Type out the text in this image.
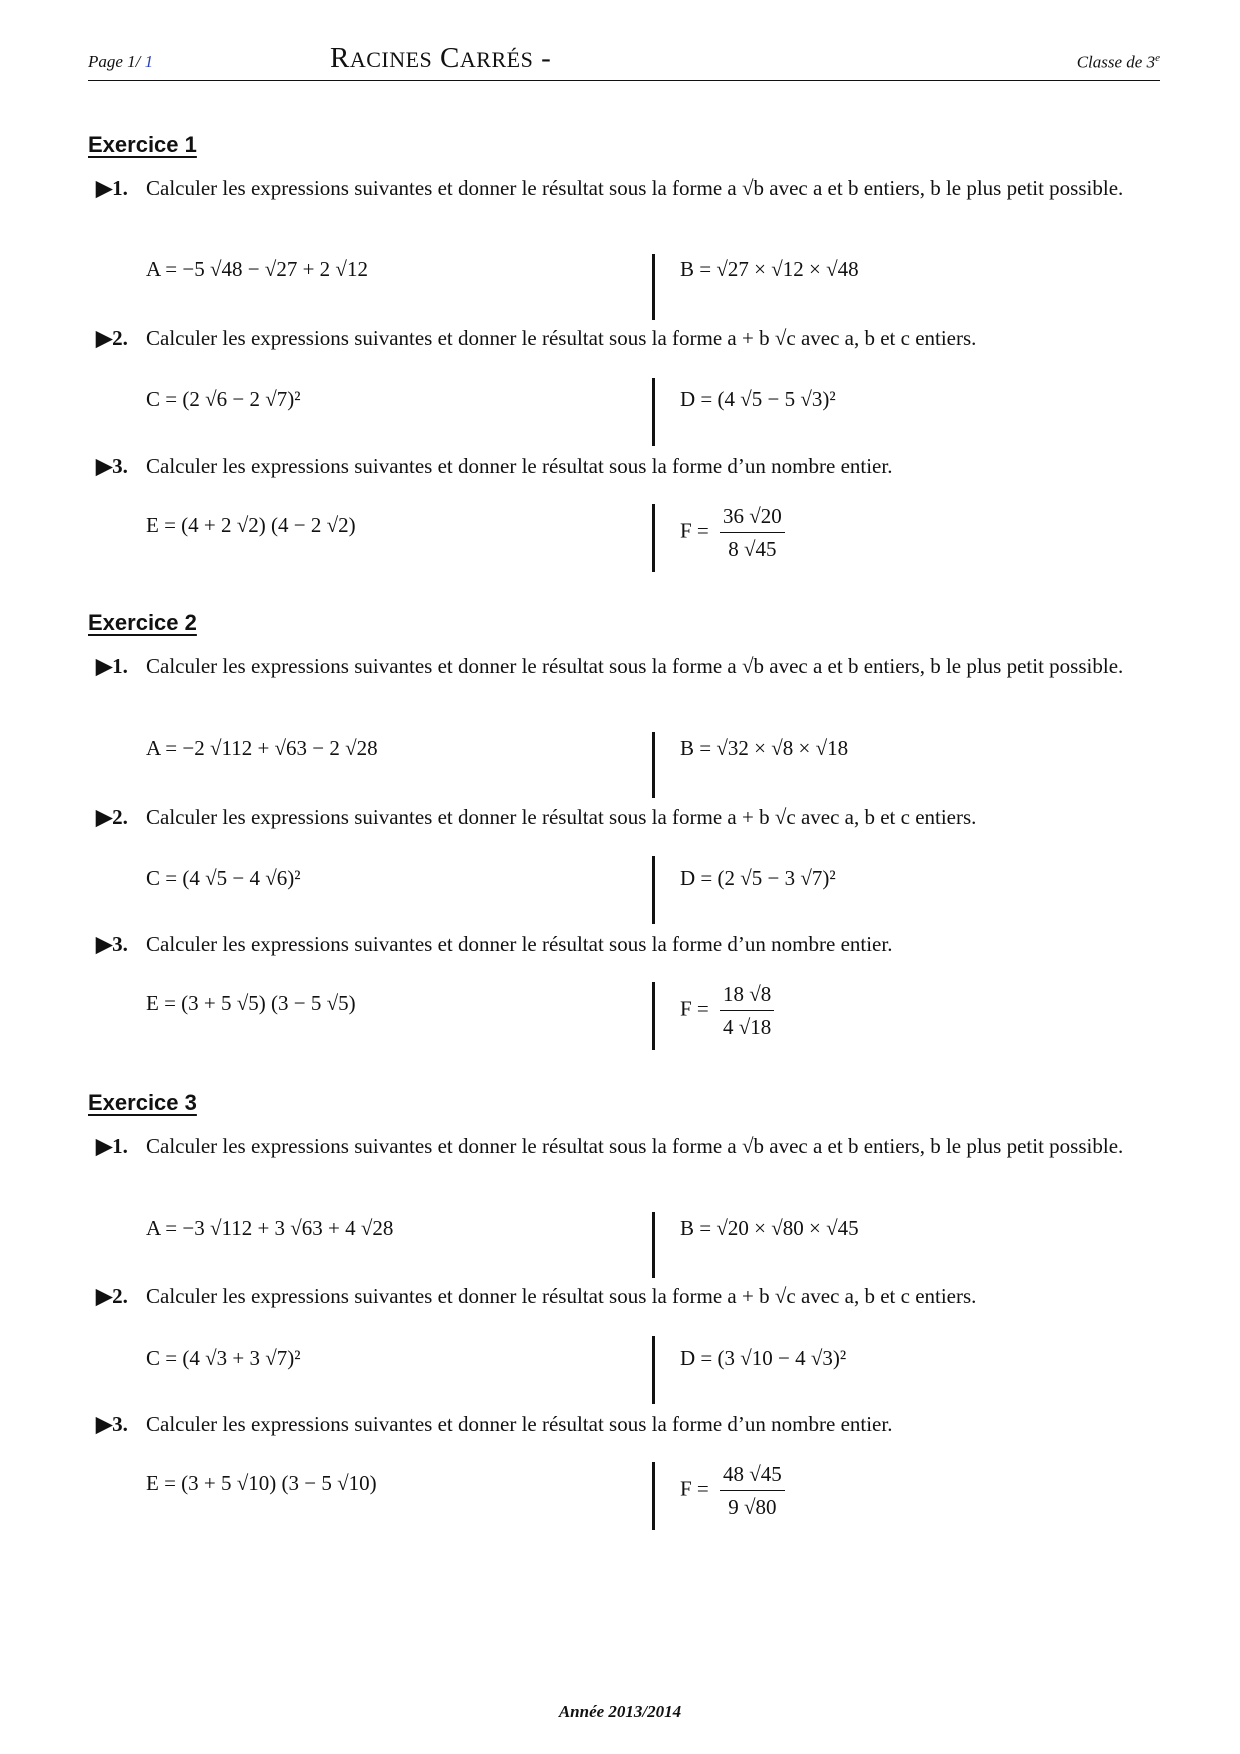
Page 1/ 1	RACINES CARRÉS -	Classe de 3e
Exercice 1
▶1. Calculer les expressions suivantes et donner le résultat sous la forme a √b avec a et b entiers, b le plus petit possible.
A = −5 √48 − √27 + 2 √12	B = √27 × √12 × √48
▶2. Calculer les expressions suivantes et donner le résultat sous la forme a + b √c avec a, b et c entiers.
C = (2 √6 − 2 √7)²	D = (4 √5 − 5 √3)²
▶3. Calculer les expressions suivantes et donner le résultat sous la forme d’un nombre entier.
E = (4 + 2 √2) (4 − 2 √2)	$F = \frac{36 √20}{8 √45}$
Exercice 2
▶1. Calculer les expressions suivantes et donner le résultat sous la forme a √b avec a et b entiers, b le plus petit possible.
A = −2 √112 + √63 − 2 √28	B = √32 × √8 × √18
▶2. Calculer les expressions suivantes et donner le résultat sous la forme a + b √c avec a, b et c entiers.
C = (4 √5 − 4 √6)²	D = (2 √5 − 3 √7)²
▶3. Calculer les expressions suivantes et donner le résultat sous la forme d’un nombre entier.
E = (3 + 5 √5) (3 − 5 √5)	$F = \frac{18 √8}{4 √18}$
Exercice 3
▶1. Calculer les expressions suivantes et donner le résultat sous la forme a √b avec a et b entiers, b le plus petit possible.
A = −3 √112 + 3 √63 + 4 √28	B = √20 × √80 × √45
▶2. Calculer les expressions suivantes et donner le résultat sous la forme a + b √c avec a, b et c entiers.
C = (4 √3 + 3 √7)²	D = (3 √10 − 4 √3)²
▶3. Calculer les expressions suivantes et donner le résultat sous la forme d’un nombre entier.
E = (3 + 5 √10) (3 − 5 √10)	$F = \frac{48 √45}{9 √80}$
Année 2013/2014
